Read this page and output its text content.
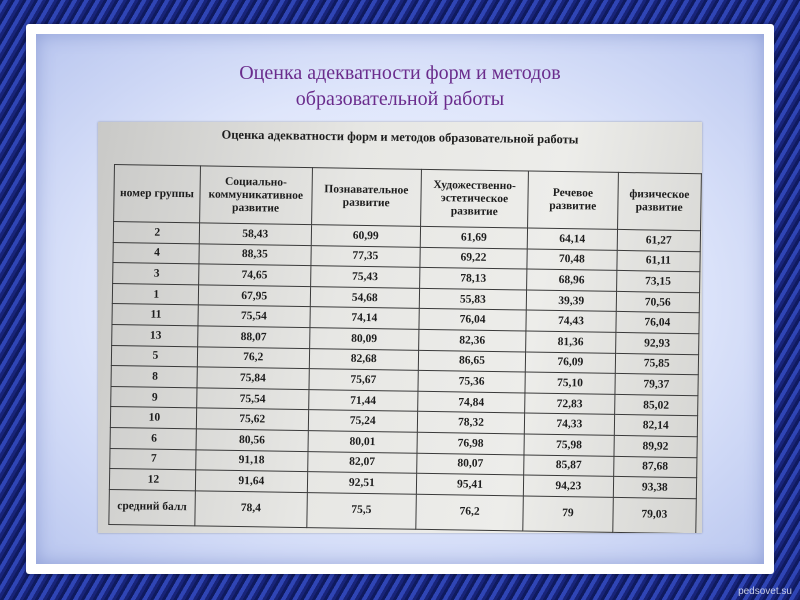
Оценка адекватности форм и методов
образовательной работы
Оценка адекватности форм и методов образовательной работы
номер группы	Социально-коммуникативное развитие	Познавательное развитие	Художественно-эстетическое развитие	Речевое развитие	физическое развитие
2	58,43	60,99	61,69	64,14	61,27
4	88,35	77,35	69,22	70,48	61,11
3	74,65	75,43	78,13	68,96	73,15
1	67,95	54,68	55,83	39,39	70,56
11	75,54	74,14	76,04	74,43	76,04
13	88,07	80,09	82,36	81,36	92,93
5	76,2	82,68	86,65	76,09	75,85
8	75,84	75,67	75,36	75,10	79,37
9	75,54	71,44	74,84	72,83	85,02
10	75,62	75,24	78,32	74,33	82,14
6	80,56	80,01	76,98	75,98	89,92
7	91,18	82,07	80,07	85,87	87,68
12	91,64	92,51	95,41	94,23	93,38
средний балл	78,4	75,5	76,2	79	79,03
pedsovet.su
